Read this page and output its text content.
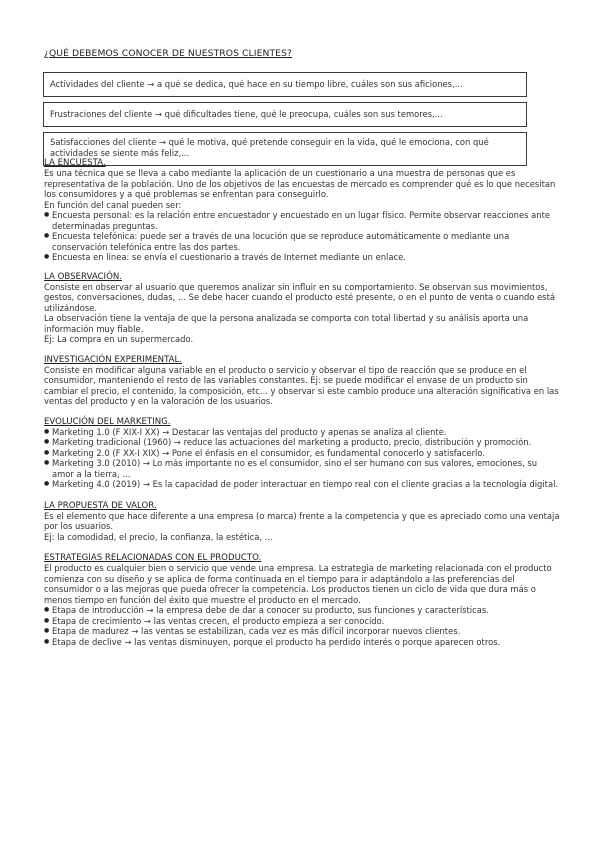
¿QUÉ DEBEMOS CONOCER DE NUESTROS CLIENTES?
Actividades del cliente → a qué se dedica, qué hace en su tiempo libre, cuáles son sus aficiones,...
Frustraciones del cliente → qué dificultades tiene, qué le preocupa, cuáles son sus temores,...
Satisfacciones del cliente → qué le motiva, qué pretende conseguir en la vida, qué le emociona, con qué actividades se siente más feliz,...
LA ENCUESTA.
Es una técnica que se lleva a cabo mediante la aplicación de un cuestionario a una muestra de personas que es representativa de la población. Uno de los objetivos de las encuestas de mercado es comprender qué es lo que necesitan los consumidores y a qué problemas se enfrentan para conseguirlo.
En función del canal pueden ser:
● Encuesta personal: es la relación entre encuestador y encuestado en un lugar físico. Permite observar reacciones ante determinadas preguntas.
● Encuesta telefónica: puede ser a través de una locución que se reproduce automáticamente o mediante una conservación telefónica entre las dos partes.
● Encuesta en línea: se envía el cuestionario a través de Internet mediante un enlace.
LA OBSERVACIÓN.
Consiste en observar al usuario que queremos analizar sin influir en su comportamiento. Se observan sus movimientos, gestos, conversaciones, dudas, ... Se debe hacer cuando el producto esté presente, o en el punto de venta o cuando está utilizándose.
La observación tiene la ventaja de que la persona analizada se comporta con total libertad y su análisis aporta una información muy fiable.
Ej: La compra en un supermercado.
INVESTIGACIÓN EXPERIMENTAL.
Consiste en modificar alguna variable en el producto o servicio y observar el tipo de reacción que se produce en el consumidor, manteniendo el resto de las variables constantes. Ej: se puede modificar el envase de un producto sin cambiar el precio, el contenido, la composición, etc... y observar si este cambio produce una alteración significativa en las ventas del producto y en la valoración de los usuarios.
EVOLUCIÓN DEL MARKETING.
● Marketing 1.0 (F XIX-I XX) → Destacar las ventajas del producto y apenas se analiza al cliente.
● Marketing tradicional (1960) → reduce las actuaciones del marketing a producto, precio, distribución y promoción.
● Marketing 2.0 (F XX-I XIX) → Pone el énfasis en el consumidor, es fundamental conocerlo y satisfacerlo.
● Marketing 3.0 (2010) → Lo más importante no es el consumidor, sino el ser humano con sus valores, emociones, su amor a la tierra, ...
● Marketing 4.0 (2019) → Es la capacidad de poder interactuar en tiempo real con el cliente gracias a la tecnología digital.
LA PROPUESTA DE VALOR.
Es el elemento que hace diferente a una empresa (o marca) frente a la competencia y que es apreciado como una ventaja por los usuarios.
Ej: la comodidad, el precio, la confianza, la estética, ...
ESTRATEGIAS RELACIONADAS CON EL PRODUCTO.
El producto es cualquier bien o servicio que vende una empresa. La estrategia de marketing relacionada con el producto comienza con su diseño y se aplica de forma continuada en el tiempo para ir adaptándolo a las preferencias del consumidor o a las mejoras que pueda ofrecer la competencia. Los productos tienen un ciclo de vida que dura más o menos tiempo en función del éxito que muestre el producto en el mercado.
● Etapa de introducción → la empresa debe de dar a conocer su producto, sus funciones y características.
● Etapa de crecimiento → las ventas crecen, el producto empieza a ser conocido.
● Etapa de madurez → las ventas se estabilizan, cada vez es más difícil incorporar nuevos clientes.
● Etapa de declive → las ventas disminuyen, porque el producto ha perdido interés o porque aparecen otros.
